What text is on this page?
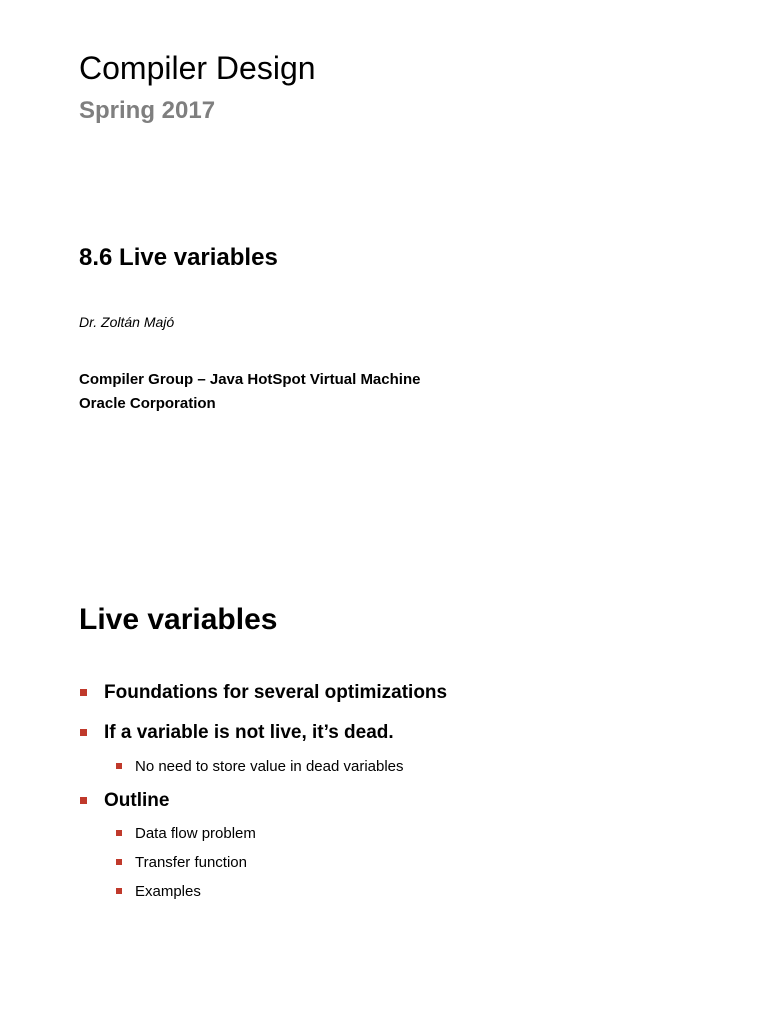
Compiler Design
Spring 2017
8.6 Live variables
Dr. Zoltán Majó
Compiler Group – Java HotSpot Virtual Machine
Oracle Corporation
Live variables
Foundations for several optimizations
If a variable is not live, it’s dead.
No need to store value in dead variables
Outline
Data flow problem
Transfer function
Examples
